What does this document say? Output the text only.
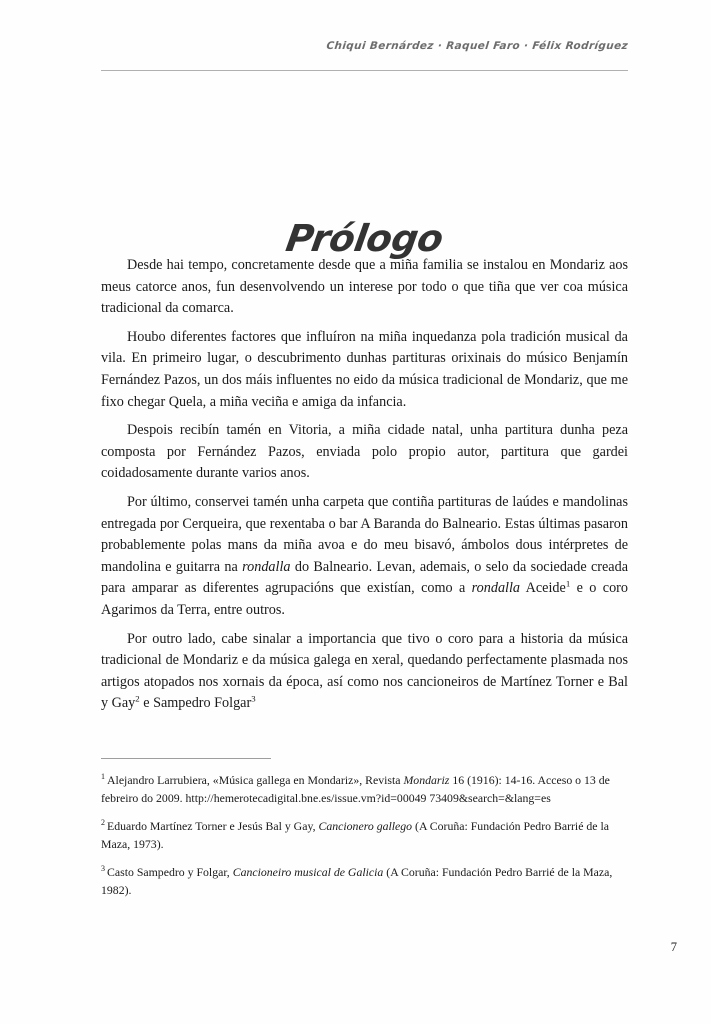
Chiqui Bernárdez · Raquel Faro · Félix Rodríguez
Prólogo

Desde hai tempo, concretamente desde que a miña familia se instalou en Mondariz aos meus catorce anos, fun desenvolvendo un interese por todo o que tiña que ver coa música tradicional da comarca.

Houbo diferentes factores que influíron na miña inquedanza pola tradición musical da vila. En primeiro lugar, o descubrimento dunhas partituras orixinais do músico Benjamín Fernández Pazos, un dos máis influentes no eido da música tradicional de Mondariz, que me fixo chegar Quela, a miña veciña e amiga da infancia.

Despois recibín tamén en Vitoria, a miña cidade natal, unha partitura dunha peza composta por Fernández Pazos, enviada polo propio autor, partitura que gardei coidadosamente durante varios anos.

Por último, conservei tamén unha carpeta que contiña partituras de laúdes e mandolinas entregada por Cerqueira, que rexentaba o bar A Baranda do Balneario. Estas últimas pasaron probablemente polas mans da miña avoa e do meu bisavó, ámbolos dous intérpretes de mandolina e guitarra na rondalla do Balneario. Levan, ademais, o selo da sociedade creada para amparar as diferentes agrupacións que existían, como a rondalla Aceide$^1$ e o coro Agarimos da Terra, entre outros.

Por outro lado, cabe sinalar a importancia que tivo o coro para a historia da música tradicional de Mondariz e da música galega en xeral, quedando perfectamente plasmada nos artigos atopados nos xornais da época, así como nos cancioneiros de Martínez Torner e Bal y Gay$^2$ e Sampedro Folgar$^3$

$^1$ Alejandro Larrubiera, «Música gallega en Mondariz», Revista Mondariz 16 (1916): 14-16. Acceso o 13 de febreiro do 2009. http://hemerotecadigital.bne.es/issue.vm?id=00049 73409&search=&lang=es

$^2$ Eduardo Martínez Torner e Jesús Bal y Gay, Cancionero gallego (A Coruña: Fundación Pedro Barrié de la Maza, 1973).

$^3$ Casto Sampedro y Folgar, Cancioneiro musical de Galicia (A Coruña: Fundación Pedro Barrié de la Maza, 1982).

7
